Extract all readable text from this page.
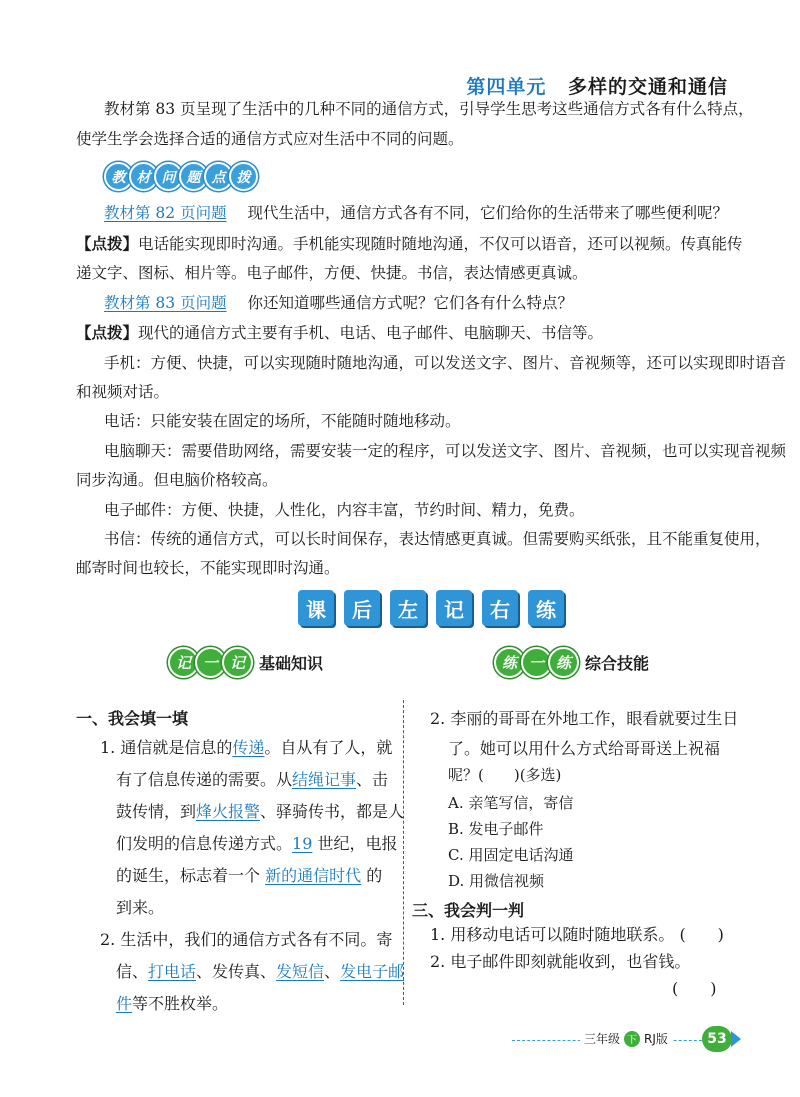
第四单元 多样的交通和通信

教材第 83 页呈现了生活中的几种不同的通信方式，引导学生思考这些通信方式各有什么特点，

使学生学会选择合适的通信方式应对生活中不同的问题。

教 材 问 题 点 拨

教材第 82 页问题 现代生活中，通信方式各有不同，它们给你的生活带来了哪些便利呢？

【点拨】电话能实现即时沟通。手机能实现随时随地沟通，不仅可以语音，还可以视频。传真能传

递文字、图标、相片等。电子邮件，方便、快捷。书信，表达情感更真诚。

教材第 83 页问题 你还知道哪些通信方式呢？它们各有什么特点？

【点拨】现代的通信方式主要有手机、电话、电子邮件、电脑聊天、书信等。

手机：方便、快捷，可以实现随时随地沟通，可以发送文字、图片、音视频等，还可以实现即时语音

和视频对话。

电话：只能安装在固定的场所，不能随时随地移动。

电脑聊天：需要借助网络，需要安装一定的程序，可以发送文字、图片、音视频，也可以实现音视频

同步沟通。但电脑价格较高。

电子邮件：方便、快捷，人性化，内容丰富，节约时间、精力，免费。

书信：传统的通信方式，可以长时间保存，表达情感更真诚。但需要购买纸张，且不能重复使用，

邮寄时间也较长，不能实现即时沟通。

课	后	左	记	右	练
记 一 记 基础知识	练 一 练 综合技能
一、我会填一填

1. 通信就是信息的传递。自从有了人，就

有了信息传递的需要。从结绳记事、击

鼓传情，到烽火报警、驿骑传书，都是人

们发明的信息传递方式。19 世纪，电报

的诞生，标志着一个 新的通信时代 的

到来。

2. 生活中，我们的通信方式各有不同。寄

信、打电话、发传真、发短信、发电子邮

件等不胜枚举。

2. 李丽的哥哥在外地工作，眼看就要过生日

了。她可以用什么方式给哥哥送上祝福

呢？(　　)(多选)

A. 亲笔写信，寄信

B. 发电子邮件

C. 用固定电话沟通

D. 用微信视频

三、我会判一判

1. 用移动电话可以随时随地联系。 (　　)

2. 电子邮件即刻就能收到，也省钱。

(　　)

三年级 下 RJ版	53
